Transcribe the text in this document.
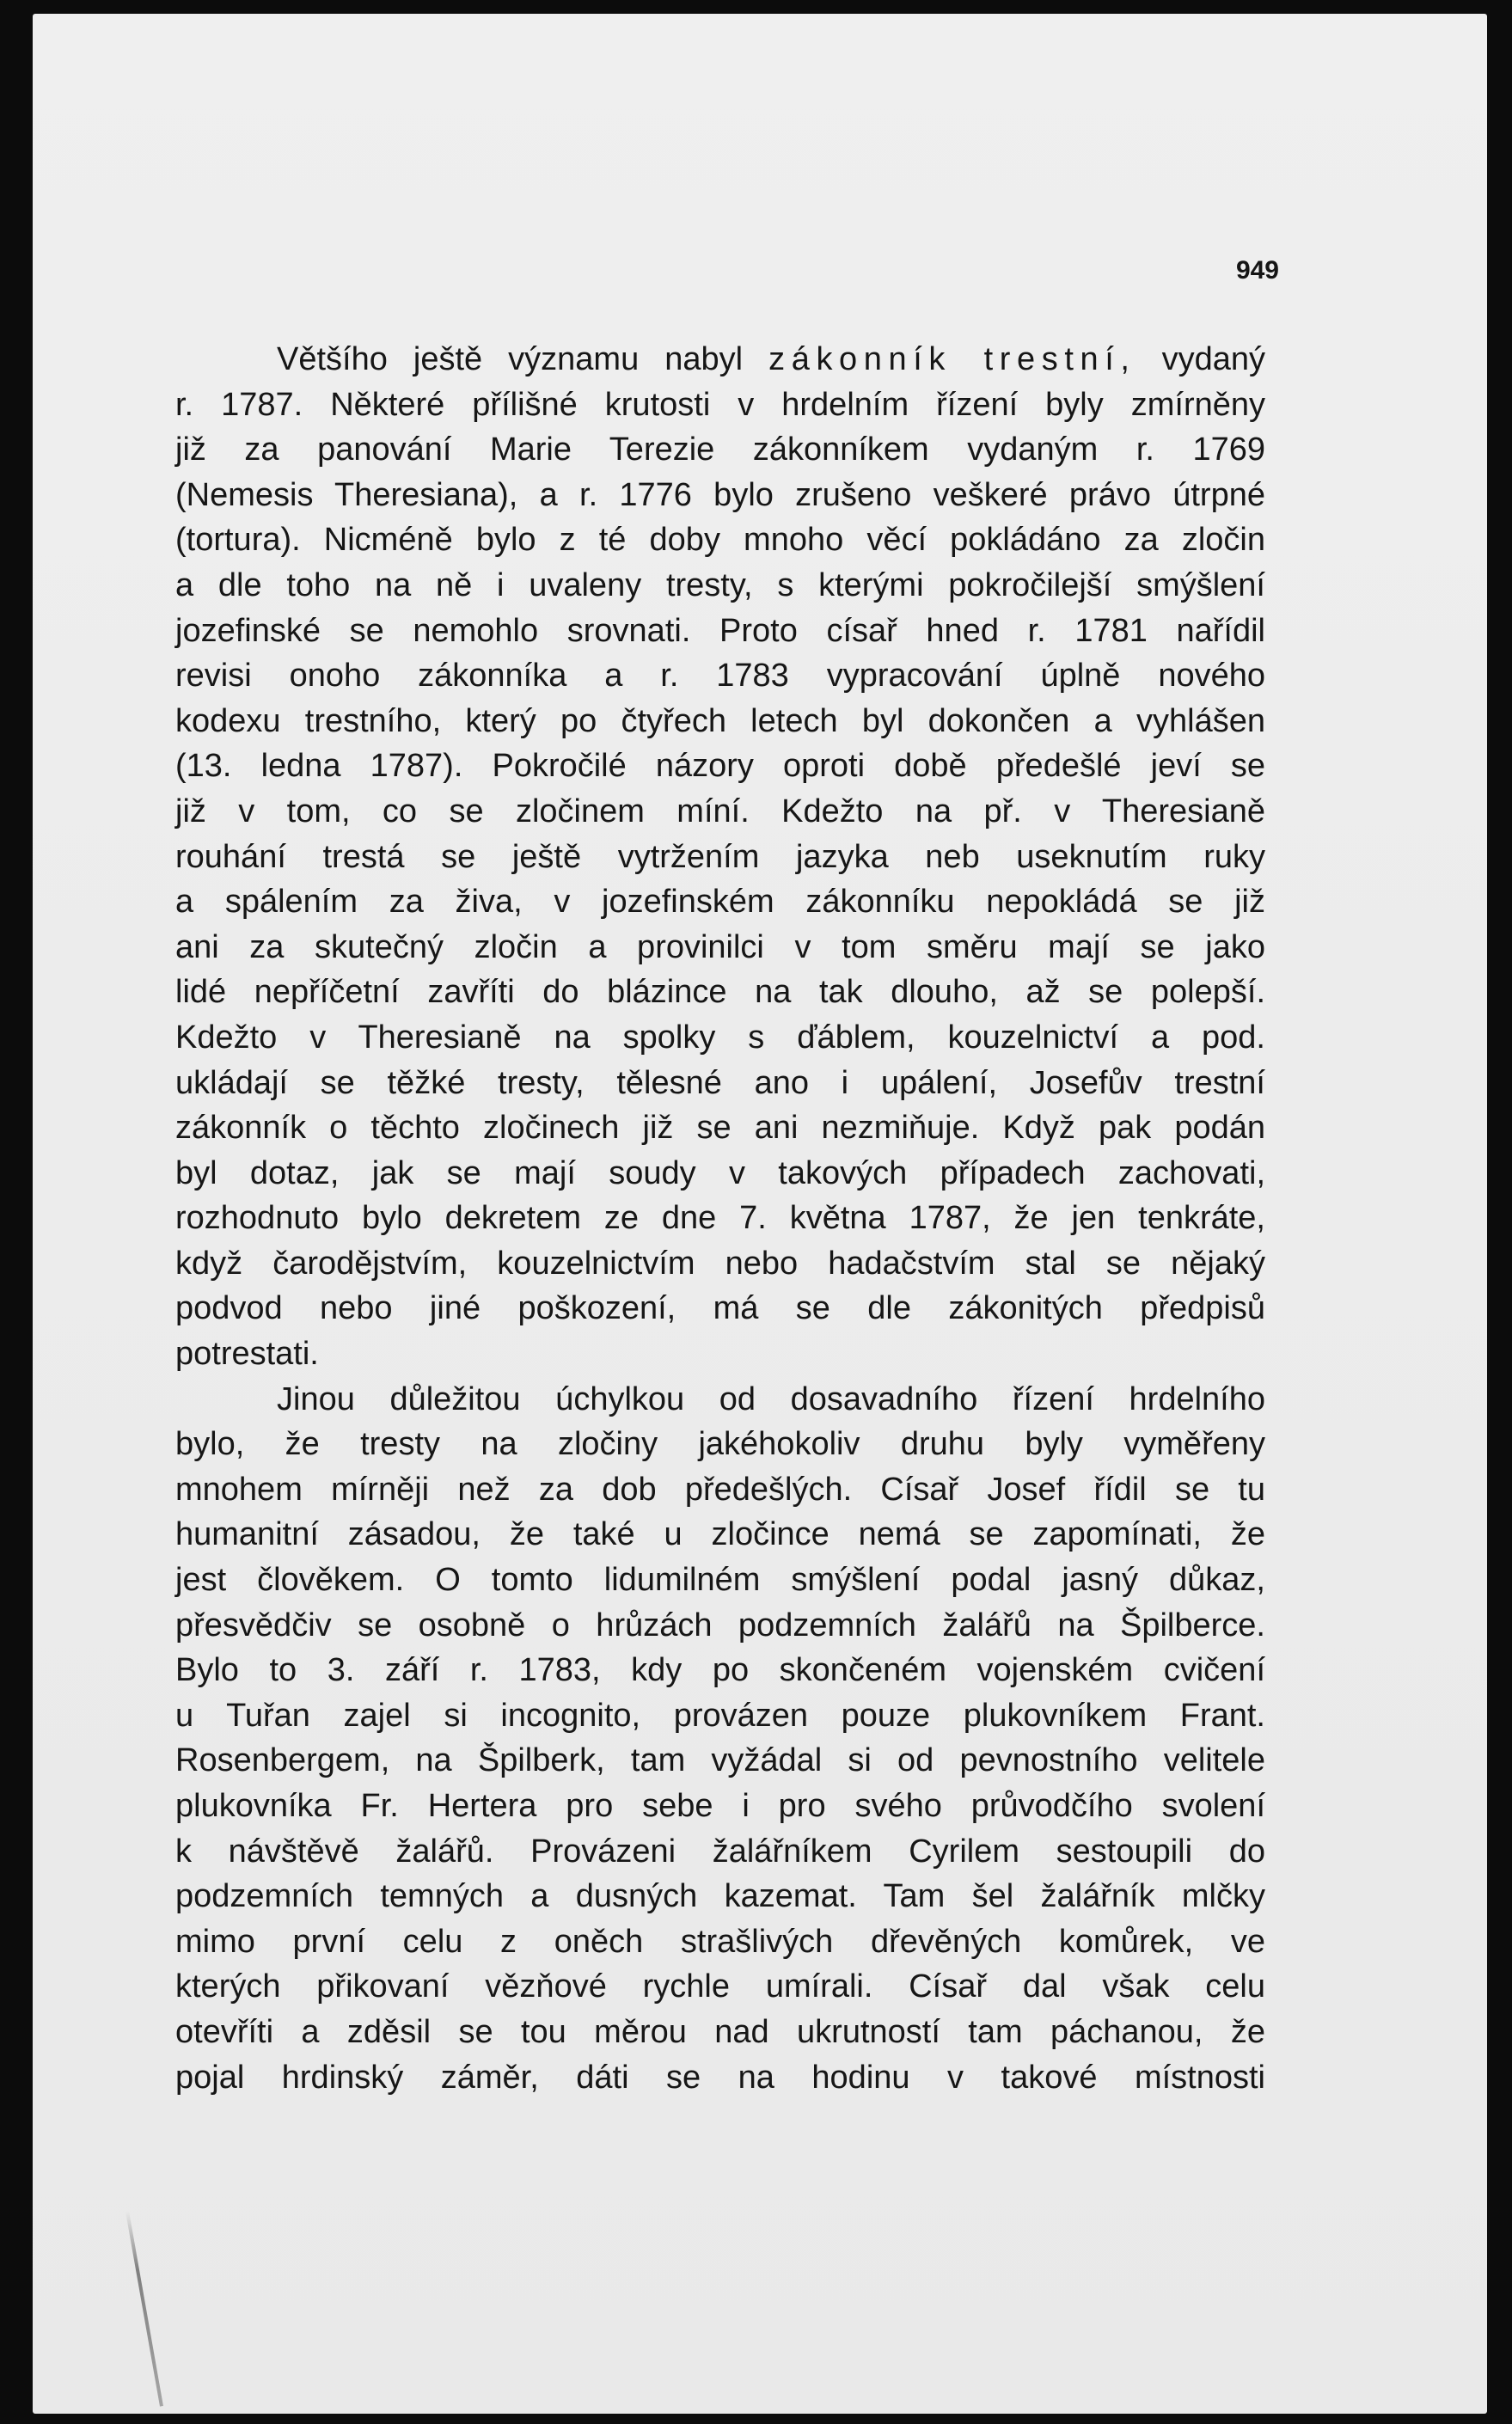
949
Většího ještě významu nabyl zákonník trestní, vydaný
r. 1787. Některé přílišné krutosti v hrdelním řízení byly zmírněny
již za panování Marie Terezie zákonníkem vydaným r. 1769
(Nemesis Theresiana), a r. 1776 bylo zrušeno veškeré právo útrpné
(tortura). Nicméně bylo z té doby mnoho věcí pokládáno za zločin
a dle toho na ně i uvaleny tresty, s kterými pokročilejší smýšlení
jozefinské se nemohlo srovnati. Proto císař hned r. 1781 nařídil
revisi onoho zákonníka a r. 1783 vypracování úplně nového
kodexu trestního, který po čtyřech letech byl dokončen a vyhlášen
(13. ledna 1787). Pokročilé názory oproti době předešlé jeví se
již v tom, co se zločinem míní. Kdežto na př. v Theresianě
rouhání trestá se ještě vytržením jazyka neb useknutím ruky
a spálením za živa, v jozefinském zákonníku nepokládá se již
ani za skutečný zločin a provinilci v tom směru mají se jako
lidé nepříčetní zavříti do blázince na tak dlouho, až se polepší.
Kdežto v Theresianě na spolky s ďáblem, kouzelnictví a pod.
ukládají se těžké tresty, tělesné ano i upálení, Josefův trestní
zákonník o těchto zločinech již se ani nezmiňuje. Když pak podán
byl dotaz, jak se mají soudy v takových případech zachovati,
rozhodnuto bylo dekretem ze dne 7. května 1787, že jen tenkráte,
když čarodějstvím, kouzelnictvím nebo hadačstvím stal se nějaký
podvod nebo jiné poškození, má se dle zákonitých předpisů
potrestati.
Jinou důležitou úchylkou od dosavadního řízení hrdelního
bylo, že tresty na zločiny jakéhokoliv druhu byly vyměřeny
mnohem mírněji než za dob předešlých. Císař Josef řídil se tu
humanitní zásadou, že také u zločince nemá se zapomínati, že
jest člověkem. O tomto lidumilném smýšlení podal jasný důkaz,
přesvědčiv se osobně o hrůzách podzemních žalářů na Špilberce.
Bylo to 3. září r. 1783, kdy po skončeném vojenském cvičení
u Tuřan zajel si incognito, provázen pouze plukovníkem Frant.
Rosenbergem, na Špilberk, tam vyžádal si od pevnostního velitele
plukovníka Fr. Hertera pro sebe i pro svého průvodčího svolení
k návštěvě žalářů. Provázeni žalářníkem Cyrilem sestoupili do
podzemních temných a dusných kazemat. Tam šel žalářník mlčky
mimo první celu z oněch strašlivých dřevěných komůrek, ve
kterých přikovaní vězňové rychle umírali. Císař dal však celu
otevříti a zděsil se tou měrou nad ukrutností tam páchanou, že
pojal hrdinský záměr, dáti se na hodinu v takové místnosti
